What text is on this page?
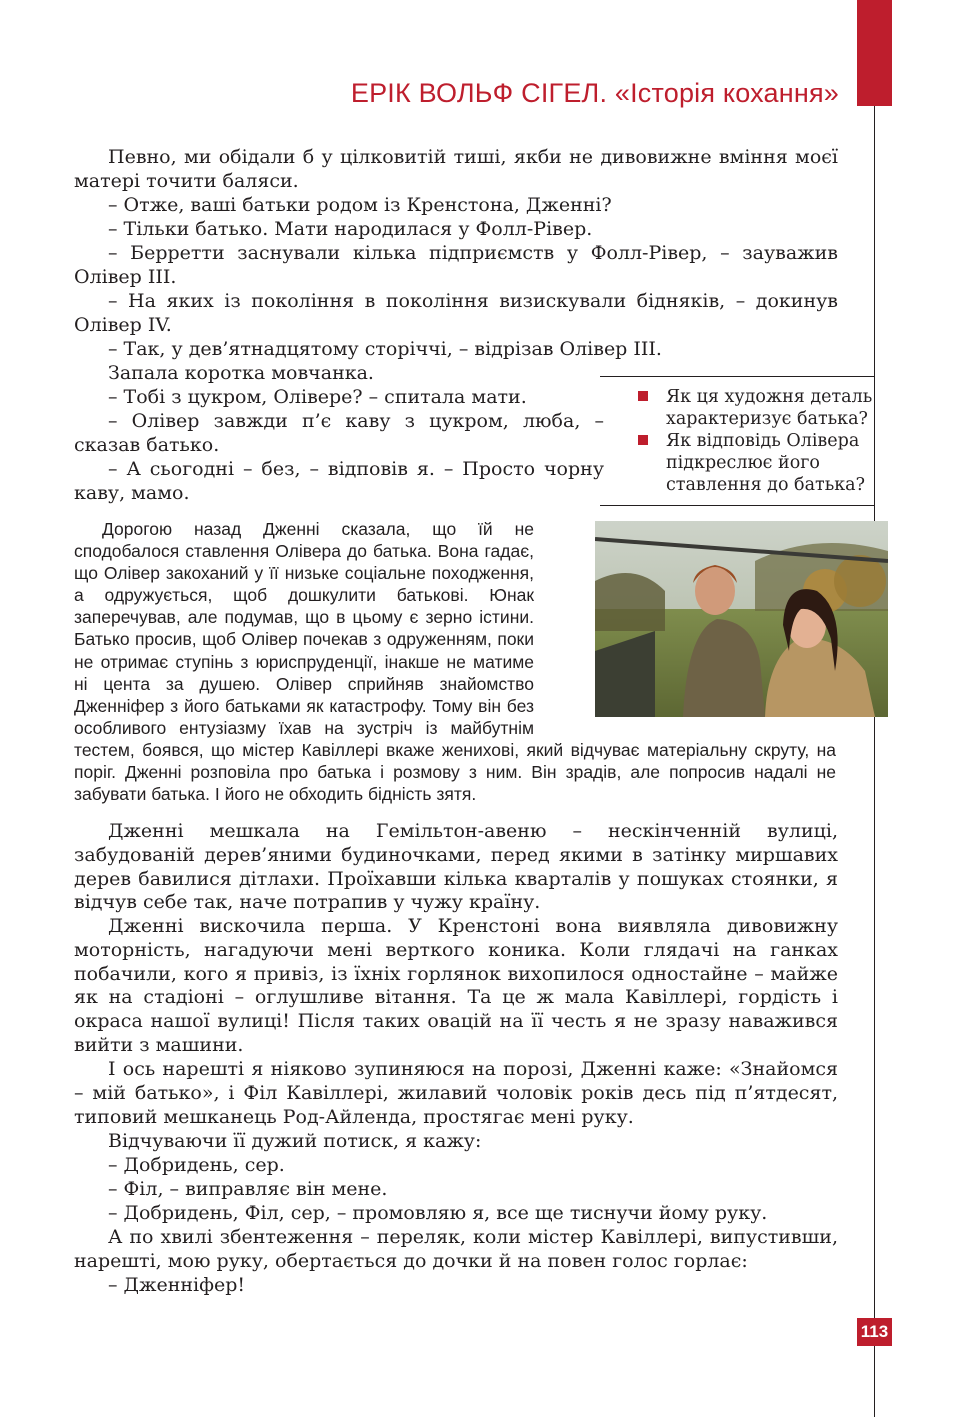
ЕРІК ВОЛЬФ СІГЕЛ. «Історія кохання»

Певно, ми обідали б у цілковитій тиші, якби не дивовижне вміння моєї матері точити баляси.

– Отже, ваші батьки родом із Кренстона, Дженні?

– Тільки батько. Мати народилася у Фолл-Рівер.

– Берретти заснували кілька підприємств у Фолл-Рівер, – зауважив Олівер ІІІ.

– На яких із покоління в покоління визискували бідняків, – докинув Олівер IV.

– Так, у дев’ятнадцятому сторіччі, – відрізав Олівер ІІІ.

Запала коротка мовчанка.

– Тобі з цукром, Олівере? – спитала мати.

– Олівер завжди п’є каву з цукром, люба, – сказав батько.

– А сьогодні – без, – відповів я. – Просто чорну каву, мамо.

Як ця художня деталь характеризує батька?

Як відповідь Олівера підкреслює його ставлення до батька?

Дорогою назад Дженні сказала, що їй не сподобалося ставлення Олівера до батька. Вона гадає, що Олівер закоханий у її низьке соціальне походження, а одружується, щоб дошкулити батькові. Юнак заперечував, але подумав, що в цьому є зерно істини. Батько просив, щоб Олівер почекав з одруженням, поки не отримає ступінь з юриспруденції, інакше не матиме ні цента за душею. Олівер сприйняв знайомство Дженніфер з його батьками як катастрофу. Тому він без особливого ентузіазму їхав на зустріч із майбутнім тестем, боявся, що містер Кавіллері вкаже женихові, який відчуває матеріальну скруту, на поріг. Дженні розповіла про батька і розмову з ним. Він зрадів, але попросив надалі не забувати батька. І його не обходить бідність зятя.

Дженні мешкала на Гемільтон-авеню – нескінченній вулиці, забудованій дерев’яними будиночками, перед якими в затінку миршавих дерев бавилися дітлахи. Проїхавши кілька кварталів у пошуках стоянки, я відчув себе так, наче потрапив у чужу країну.

Дженні вискочила перша. У Кренстоні вона виявляла дивовижну моторність, нагадуючи мені верткого коника. Коли глядачі на ганках побачили, кого я привіз, із їхніх горлянок вихопилося одностайне – майже як на стадіоні – оглушливе вітання. Та це ж мала Кавіллері, гордість і окраса нашої вулиці! Після таких овацій на її честь я не зразу наважився вийти з машини.

І ось нарешті я ніяково зупиняюся на порозі, Дженні каже: «Знайомся – мій батько», і Філ Кавіллері, жилавий чоловік років десь під п’ятдесят, типовий мешканець Род-Айленда, простягає мені руку.

Відчуваючи її дужий потиск, я кажу:

– Добридень, сер.

– Філ, – виправляє він мене.

– Добридень, Філ, сер, – промовляю я, все ще тиснучи йому руку.

А по хвилі збентеження – переляк, коли містер Кавіллері, випустивши, нарешті, мою руку, обертається до дочки й на повен голос горлає:

– Дженніфер!

113
